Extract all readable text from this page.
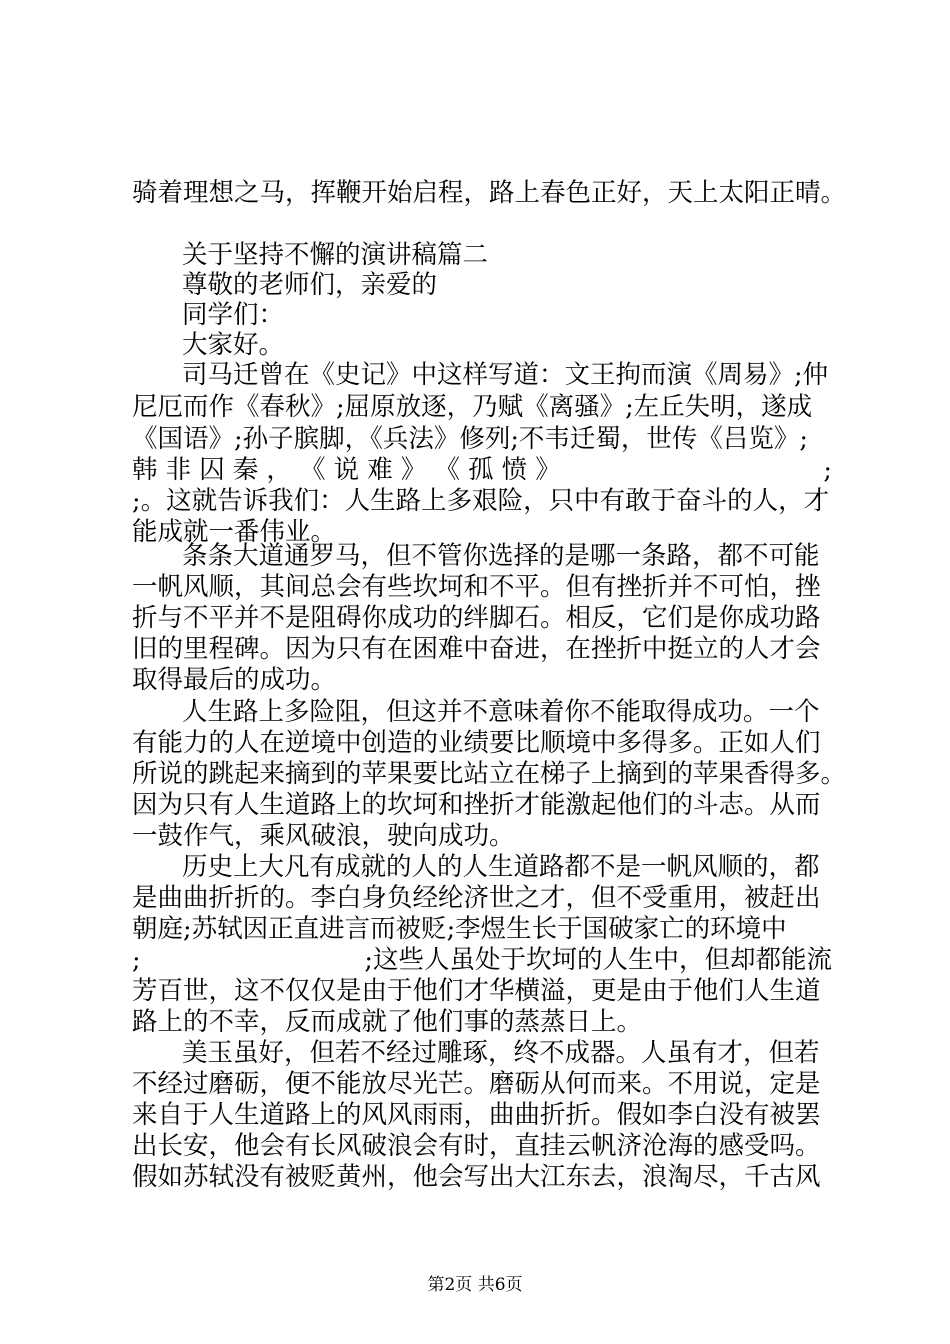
骑着理想之马，挥鞭开始启程，路上春色正好，天上太阳正晴。
关于坚持不懈的演讲稿篇二
尊敬的老师们，亲爱的
同学们：
大家好。
司马迁曾在《史记》中这样写道：文王拘而演《周易》;仲
尼厄而作《春秋》;屈原放逐，乃赋《离骚》;左丘失明，遂成
《国语》;孙子膑脚，《兵法》修列;不韦迁蜀，世传《吕览》;
韩 非 囚 秦 ， 《 说 难 》 《 孤 愤 》	;
;。这就告诉我们：人生路上多艰险，只中有敢于奋斗的人，才
能成就一番伟业。
条条大道通罗马，但不管你选择的是哪一条路，都不可能
一帆风顺，其间总会有些坎坷和不平。但有挫折并不可怕，挫
折与不平并不是阻碍你成功的绊脚石。相反，它们是你成功路
旧的里程碑。因为只有在困难中奋进，在挫折中挺立的人才会
取得最后的成功。
人生路上多险阻，但这并不意味着你不能取得成功。一个
有能力的人在逆境中创造的业绩要比顺境中多得多。正如人们
所说的跳起来摘到的苹果要比站立在梯子上摘到的苹果香得多。
因为只有人生道路上的坎坷和挫折才能激起他们的斗志。从而
一鼓作气，乘风破浪，驶向成功。
历史上大凡有成就的人的人生道路都不是一帆风顺的，都
是曲曲折折的。李白身负经纶济世之才，但不受重用，被赶出
朝庭;苏轼因正直进言而被贬;李煜生长于国破家亡的环境中
;	;这些人虽处于坎坷的人生中，但却都能流
芳百世，这不仅仅是由于他们才华横溢，更是由于他们人生道
路上的不幸，反而成就了他们事的蒸蒸日上。
美玉虽好，但若不经过雕琢，终不成器。人虽有才，但若
不经过磨砺，便不能放尽光芒。磨砺从何而来。不用说，定是
来自于人生道路上的风风雨雨，曲曲折折。假如李白没有被罢
出长安，他会有长风破浪会有时，直挂云帆济沧海的感受吗。
假如苏轼没有被贬黄州，他会写出大江东去，浪淘尽，千古风
第2页 共6页
